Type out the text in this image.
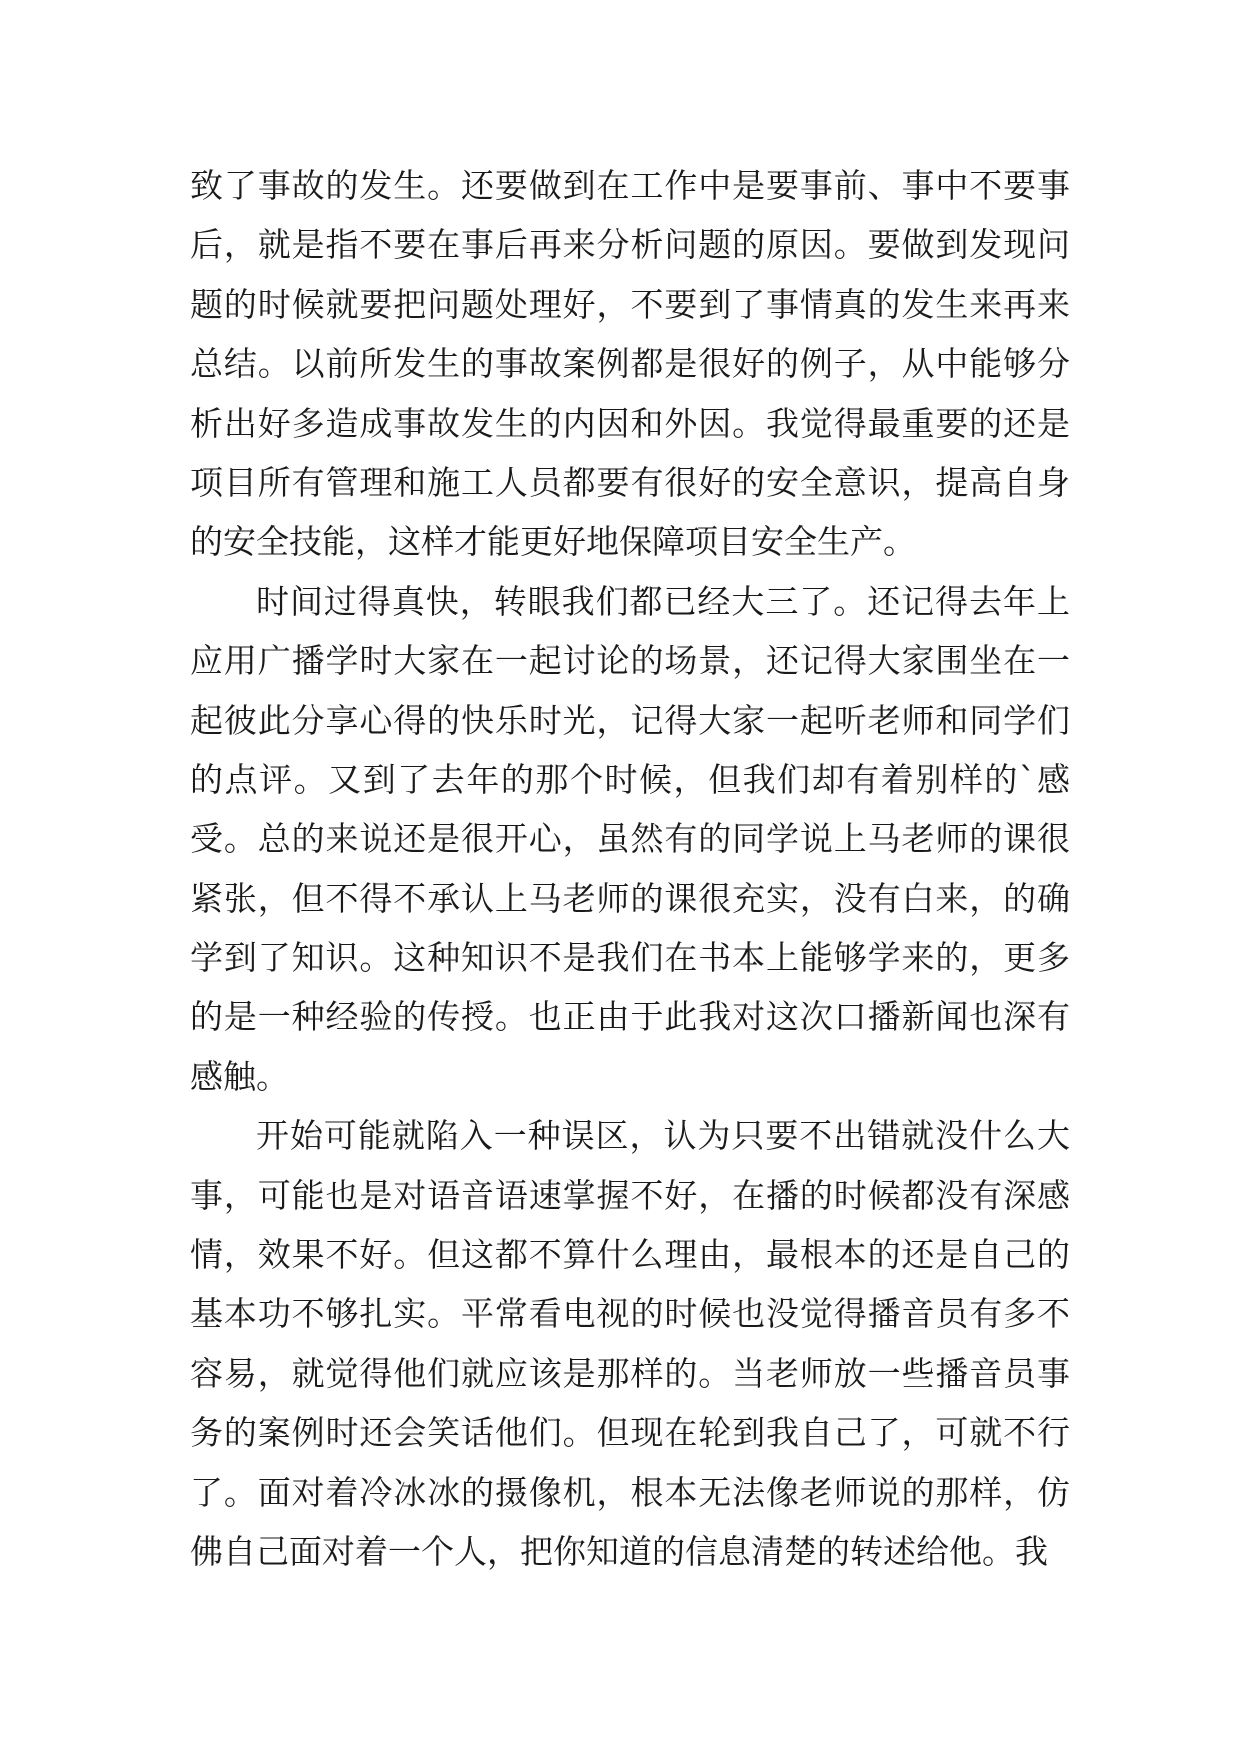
致了事故的发生。还要做到在工作中是要事前、事中不要事
后，就是指不要在事后再来分析问题的原因。要做到发现问
题的时候就要把问题处理好，不要到了事情真的发生来再来
总结。以前所发生的事故案例都是很好的例子，从中能够分
析出好多造成事故发生的内因和外因。我觉得最重要的还是
项目所有管理和施工人员都要有很好的安全意识，提高自身
的安全技能，这样才能更好地保障项目安全生产。
时间过得真快，转眼我们都已经大三了。还记得去年上
应用广播学时大家在一起讨论的场景，还记得大家围坐在一
起彼此分享心得的快乐时光，记得大家一起听老师和同学们
的点评。又到了去年的那个时候，但我们却有着别样的`感
受。总的来说还是很开心，虽然有的同学说上马老师的课很
紧张，但不得不承认上马老师的课很充实，没有白来，的确
学到了知识。这种知识不是我们在书本上能够学来的，更多
的是一种经验的传授。也正由于此我对这次口播新闻也深有
感触。
开始可能就陷入一种误区，认为只要不出错就没什么大
事，可能也是对语音语速掌握不好，在播的时候都没有深感
情，效果不好。但这都不算什么理由，最根本的还是自己的
基本功不够扎实。平常看电视的时候也没觉得播音员有多不
容易，就觉得他们就应该是那样的。当老师放一些播音员事
务的案例时还会笑话他们。但现在轮到我自己了，可就不行
了。面对着冷冰冰的摄像机，根本无法像老师说的那样，仿
佛自己面对着一个人，把你知道的信息清楚的转述给他。我
